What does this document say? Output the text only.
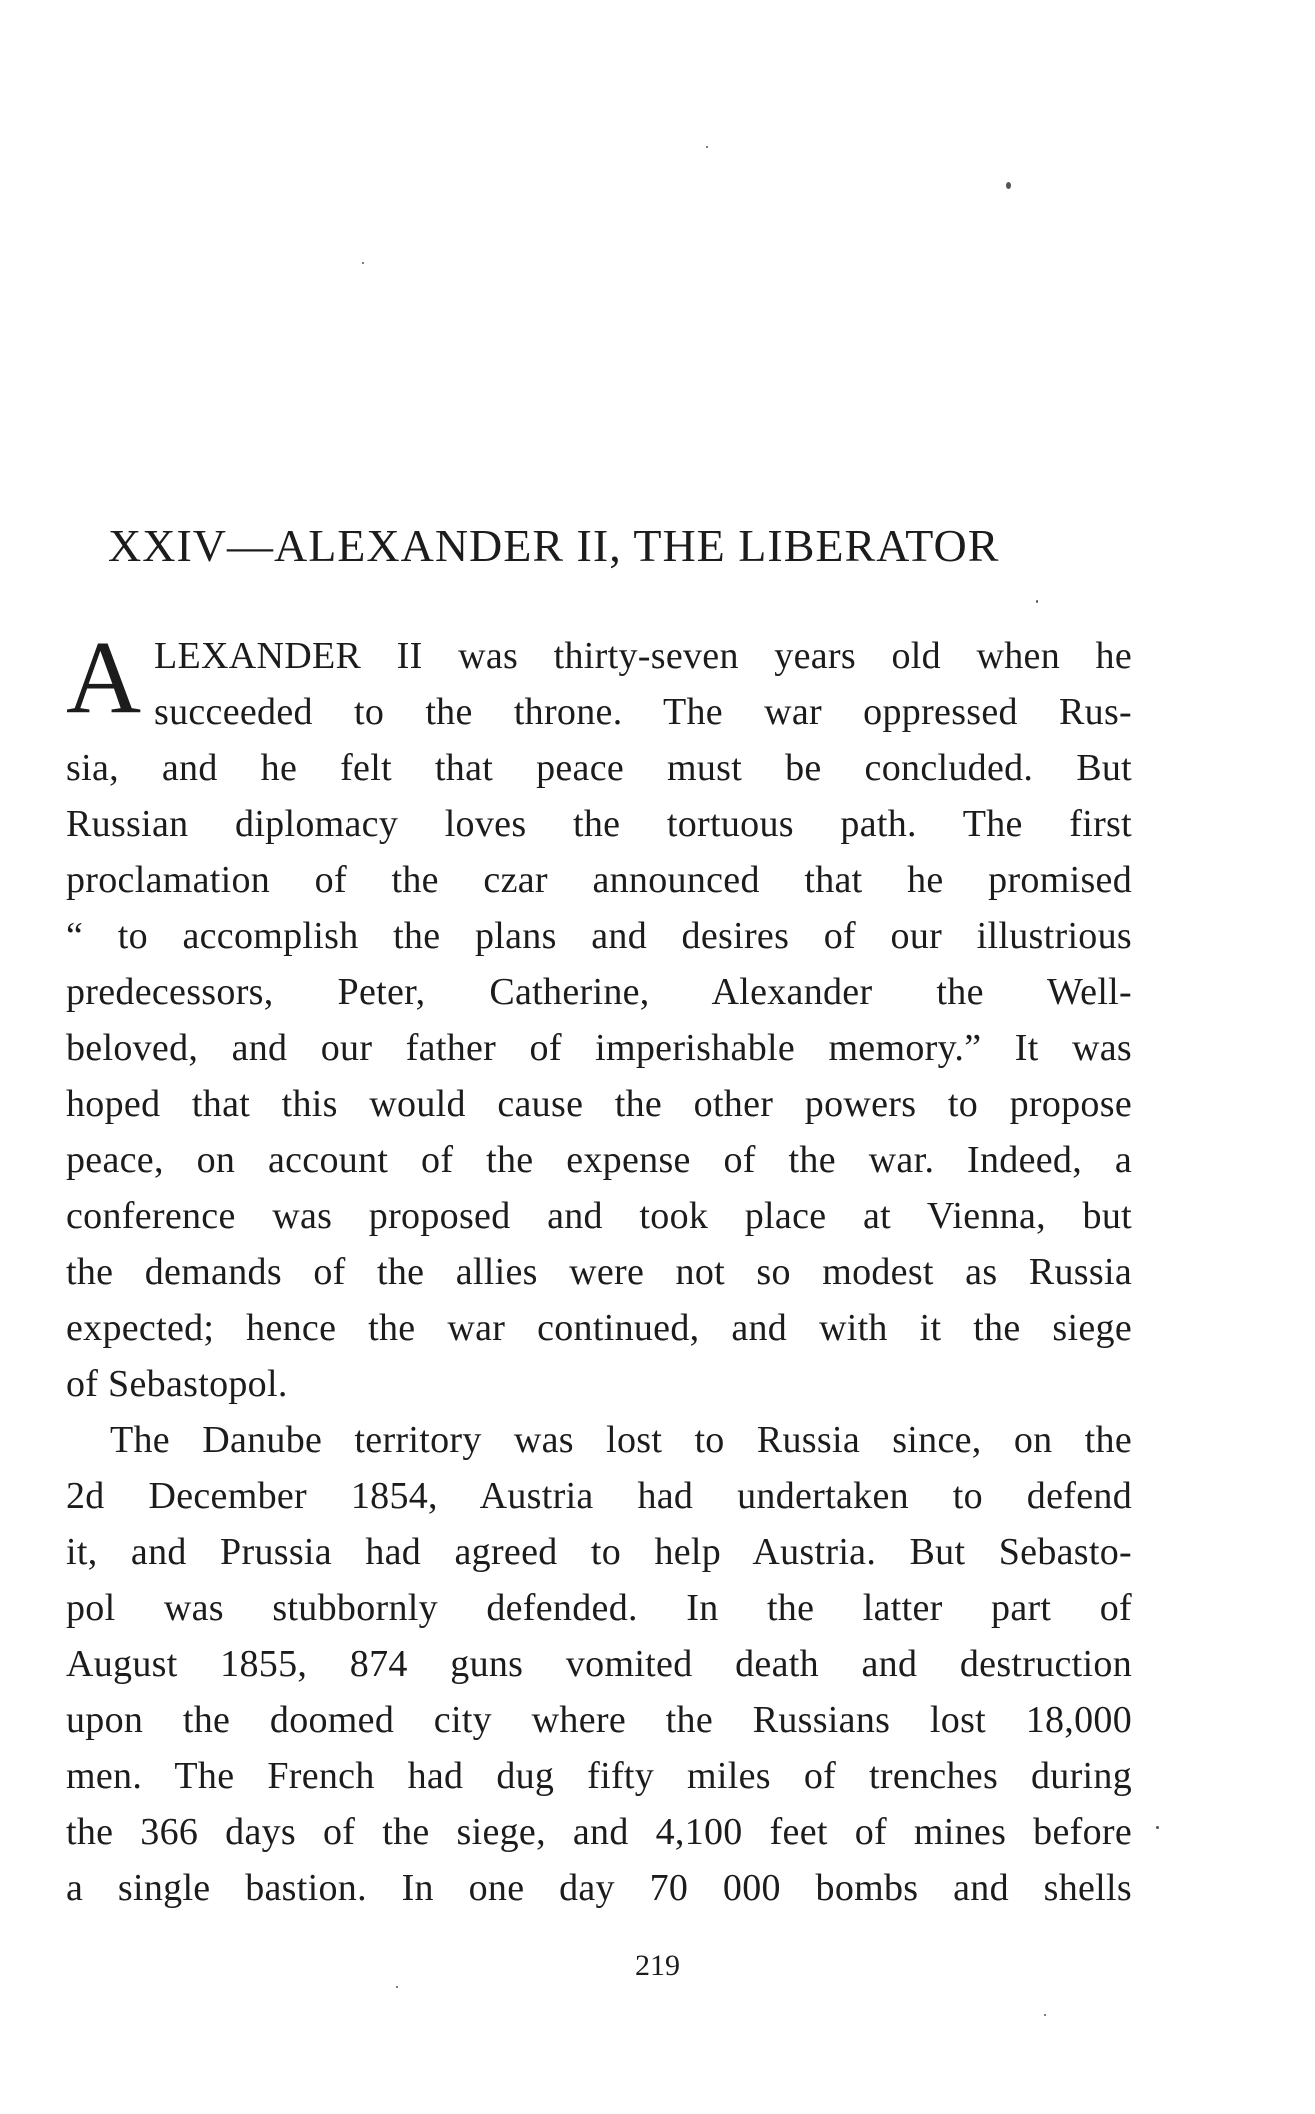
XXIV—ALEXANDER II, THE LIBERATOR
A LEXANDER II was thirty-seven years old when he
succeeded to the throne. The war oppressed Rus-
sia, and he felt that peace must be concluded. But
Russian diplomacy loves the tortuous path. The first
proclamation of the czar announced that he promised
“ to accomplish the plans and desires of our illustrious
predecessors, Peter, Catherine, Alexander the Well-
beloved, and our father of imperishable memory.” It was
hoped that this would cause the other powers to propose
peace, on account of the expense of the war. Indeed, a
conference was proposed and took place at Vienna, but
the demands of the allies were not so modest as Russia
expected; hence the war continued, and with it the siege
of Sebastopol.
The Danube territory was lost to Russia since, on the
2d December 1854, Austria had undertaken to defend
it, and Prussia had agreed to help Austria. But Sebasto-
pol was stubbornly defended. In the latter part of
August 1855, 874 guns vomited death and destruction
upon the doomed city where the Russians lost 18,000
men. The French had dug fifty miles of trenches during
the 366 days of the siege, and 4,100 feet of mines before
a single bastion. In one day 70 000 bombs and shells
219
